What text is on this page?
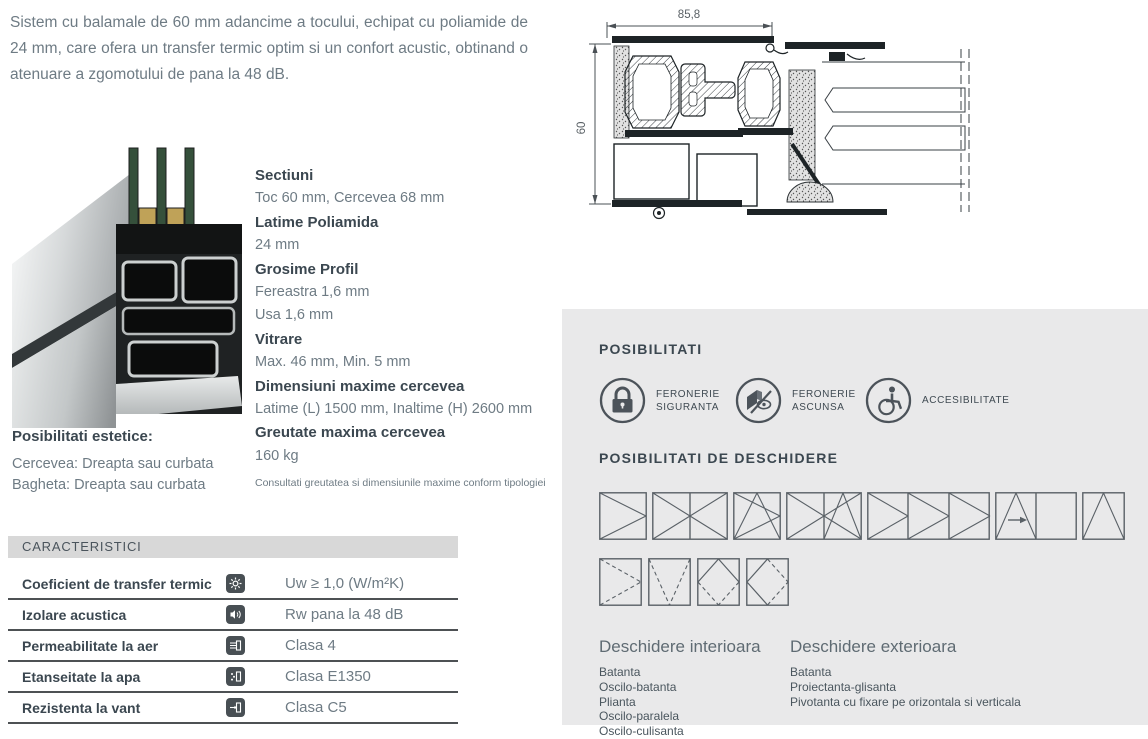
Sistem cu balamale de 60 mm adancime a tocului, echipat cu poliamide de 24 mm, care ofera un transfer termic optim si un confort acustic, obtinand o atenuare a zgomotului de pana la 48 dB.

Sectiuni
Toc 60 mm, Cercevea 68 mm
Latime Poliamida
24 mm
Grosime Profil
Fereastra 1,6 mm
Usa 1,6 mm
Vitrare
Max. 46 mm, Min. 5 mm
Dimensiuni maxime cercevea
Latime (L) 1500 mm, Inaltime (H) 2600 mm
Greutate maxima cercevea
160 kg
Consultati greutatea si dimensiunile maxime conform tipologiei
Posibilitati estetice:
Cercevea: Dreapta sau curbata
Bagheta: Dreapta sau curbata
CARACTERISTICI
Coeficient de transfer termic	Uw ≥ 1,0 (W/m²K)
Izolare acustica	Rw pana la 48 dB
Permeabilitate la aer	Clasa 4
Etanseitate la apa	Clasa E1350
Rezistenta la vant	Clasa C5
85,8
60
POSIBILITATI
FERONERIE
SIGURANTA
FERONERIE
ASCUNSA
ACCESIBILITATE
POSIBILITATI DE DESCHIDERE
Deschidere interioara Deschidere exterioara
Batanta
Oscilo-batanta
Plianta
Oscilo-paralela
Oscilo-culisanta
Batanta
Proiectanta-glisanta
Pivotanta cu fixare pe orizontala si verticala
